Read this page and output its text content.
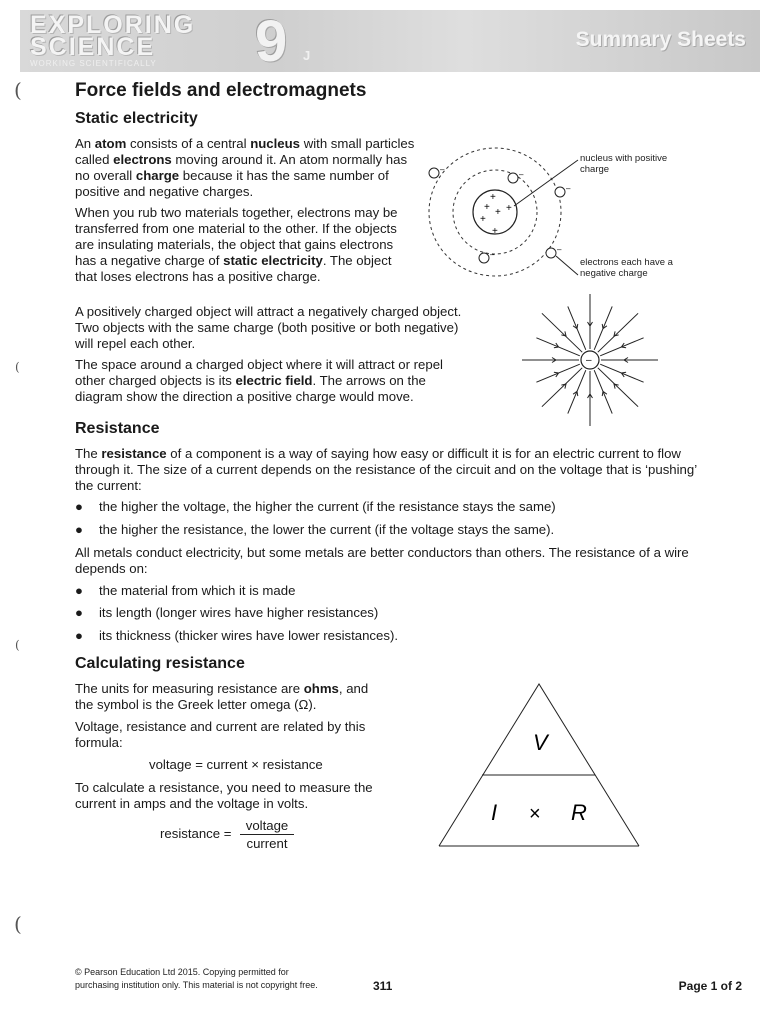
EXPLORING
SCIENCE	9 J
WORKING SCIENTIFICALLY
Summary Sheets
(
(
(
(
Force fields and electromagnets
Static electricity

An atom consists of a central nucleus with small particles called electrons moving around it. An atom normally has no overall charge because it has the same number of positive and negative charges.

When you rub two materials together, electrons may be transferred from one material to the other. If the objects are insulating materials, the object that gains electrons has a negative charge of static electricity. The object that loses electrons has a positive charge.

A positively charged object will attract a negatively charged object. Two objects with the same charge (both positive or both negative) will repel each other.

The space around a charged object where it will attract or repel other charged objects is its electric field. The arrows on the diagram show the direction a positive charge would move.

+ + +
+
+
+
–
–
–
–
–
nucleus with positive charge
electrons each have a negative charge
–
Resistance

The resistance of a component is a way of saying how easy or difficult it is for an electric current to flow through it. The size of a current depends on the resistance of the circuit and on the voltage that is ‘pushing’ the current:

● the higher the voltage, the higher the current (if the resistance stays the same)
● the higher the resistance, the lower the current (if the voltage stays the same).

All metals conduct electricity, but some metals are better conductors than others. The resistance of a wire depends on:

● the material from which it is made
● its length (longer wires have higher resistances)
● its thickness (thicker wires have lower resistances).
Calculating resistance

The units for measuring resistance are ohms, and the symbol is the Greek letter omega (Ω).

Voltage, resistance and current are related by this formula:

voltage = current × resistance

To calculate a resistance, you need to measure the current in amps and the voltage in volts.

resistance =

voltage
current
V
I × R
© Pearson Education Ltd 2015. Copying permitted for
purchasing institution only. This material is not copyright free.	311	Page 1 of 2
